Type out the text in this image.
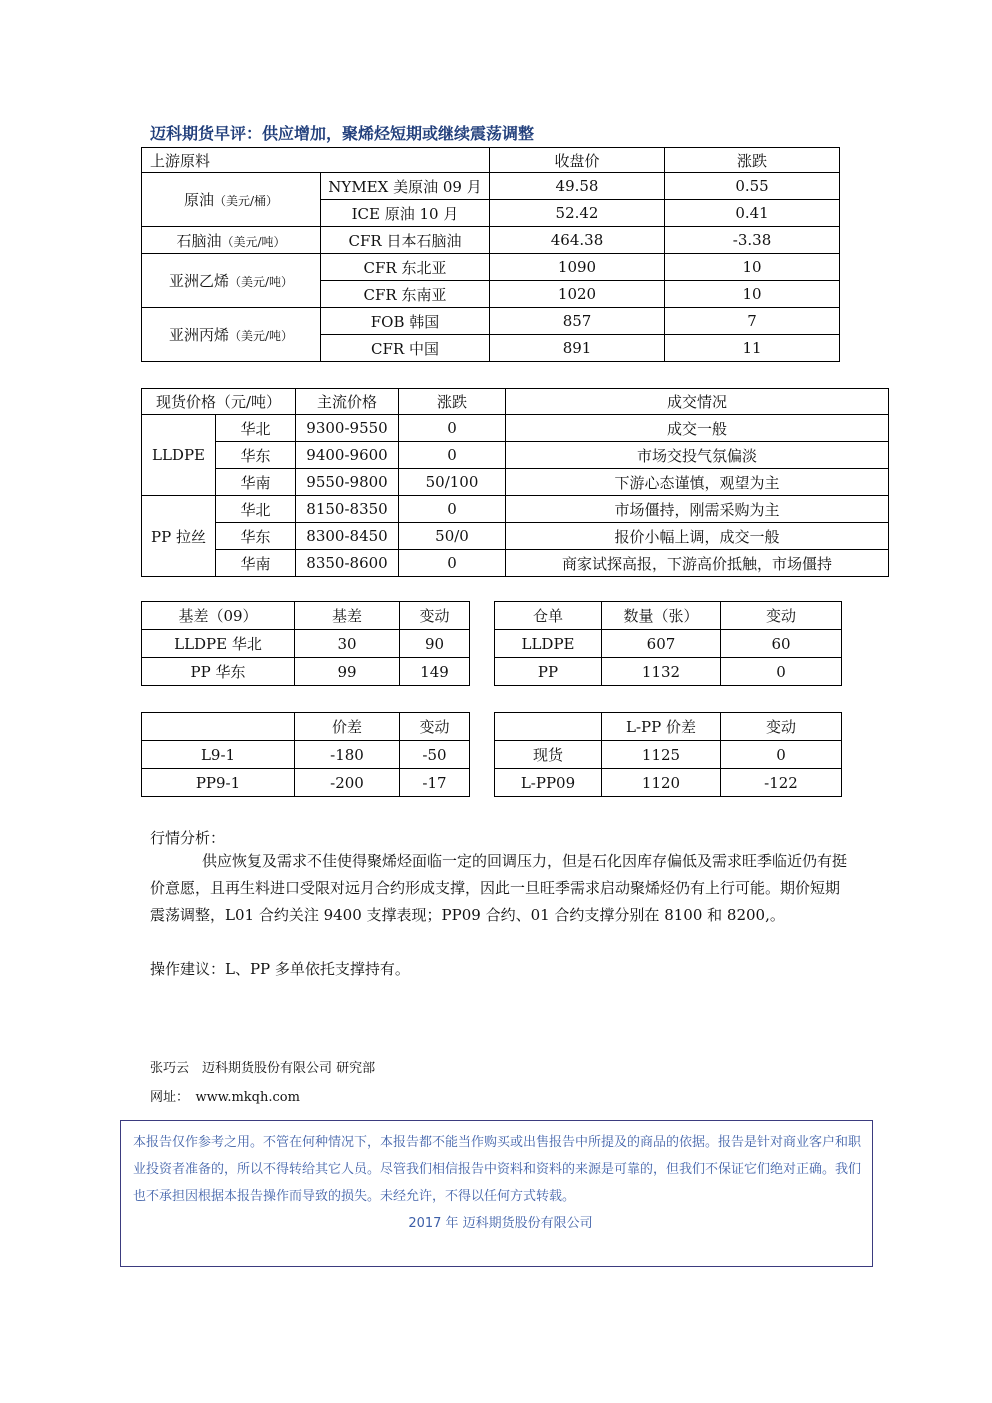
迈科期货早评：供应增加，聚烯烃短期或继续震荡调整
上游原料		收盘价	涨跌
原油（美元/桶）	NYMEX 美原油 09 月	49.58	0.55
	ICE 原油 10 月	52.42	0.41
石脑油（美元/吨）	CFR 日本石脑油	464.38	-3.38
亚洲乙烯（美元/吨）	CFR 东北亚	1090	10
	CFR 东南亚	1020	10
亚洲丙烯（美元/吨）	FOB 韩国	857	7
	CFR 中国	891	11
现货价格（元/吨）		主流价格	涨跌	成交情况
LLDPE	华北	9300-9550	0	成交一般
	华东	9400-9600	0	市场交投气氛偏淡
	华南	9550-9800	50/100	下游心态谨慎，观望为主
PP 拉丝	华北	8150-8350	0	市场僵持，刚需采购为主
	华东	8300-8450	50/0	报价小幅上调，成交一般
	华南	8350-8600	0	商家试探高报，下游高价抵触，市场僵持
基差（09）	基差	变动
LLDPE 华北	30	90
PP 华东	99	149
仓单	数量（张）	变动
LLDPE	607	60
PP	1132	0
	价差	变动
L9-1	-180	-50
PP9-1	-200	-17
	L-PP 价差	变动
现货	1125	0
L-PP09	1120	-122
行情分析：
供应恢复及需求不佳使得聚烯烃面临一定的回调压力，但是石化因库存偏低及需求旺季临近仍有挺价意愿，且再生料进口受限对远月合约形成支撑，因此一旦旺季需求启动聚烯烃仍有上行可能。期价短期震荡调整，L01 合约关注 9400 支撑表现；PP09 合约、01 合约支撑分别在 8100 和 8200,。
操作建议：L、PP 多单依托支撑持有。
张巧云　迈科期货股份有限公司 研究部
网址：　www.mkqh.com
本报告仅作参考之用。不管在何种情况下，本报告都不能当作购买或出售报告中所提及的商品的依据。报告是针对商业客户和职业投资者准备的，所以不得转给其它人员。尽管我们相信报告中资料和资料的来源是可靠的，但我们不保证它们绝对正确。我们也不承担因根据本报告操作而导致的损失。未经允许，不得以任何方式转载。
2017 年 迈科期货股份有限公司
